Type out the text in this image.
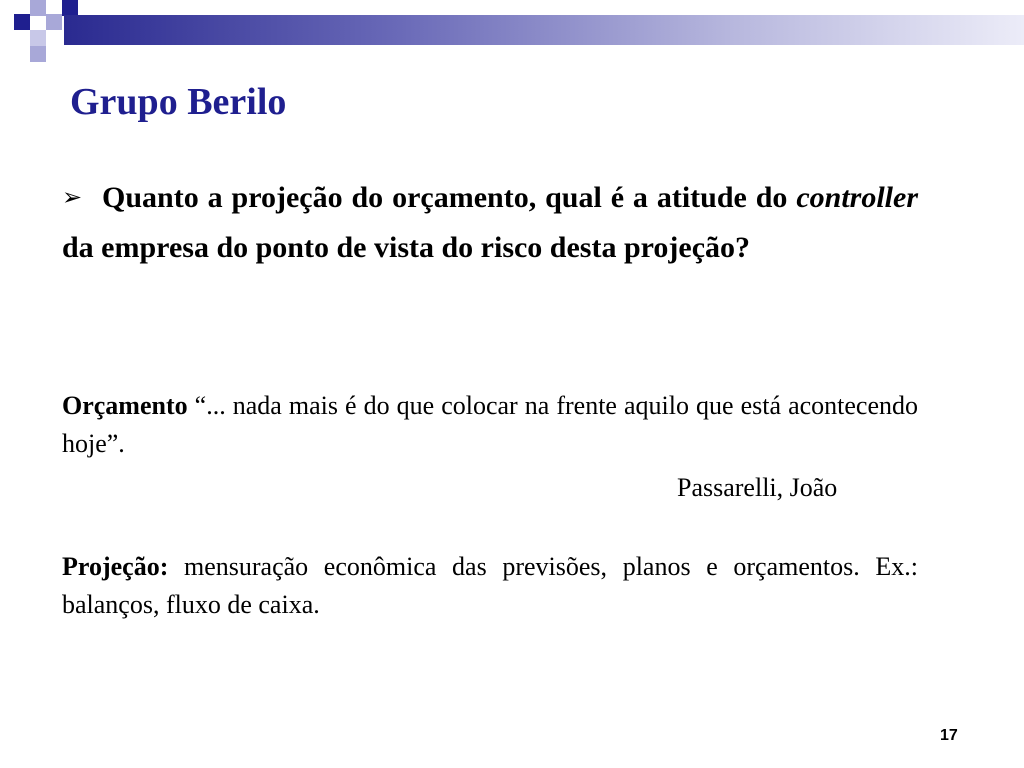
Grupo Berilo

➢ Quanto a projeção do orçamento, qual é a atitude do controller da empresa do ponto de vista do risco desta projeção?

Orçamento “... nada mais é do que colocar na frente aquilo que está acontecendo hoje”.

Passarelli, João

Projeção: mensuração econômica das previsões, planos e orçamentos. Ex.: balanços, fluxo de caixa.

17
